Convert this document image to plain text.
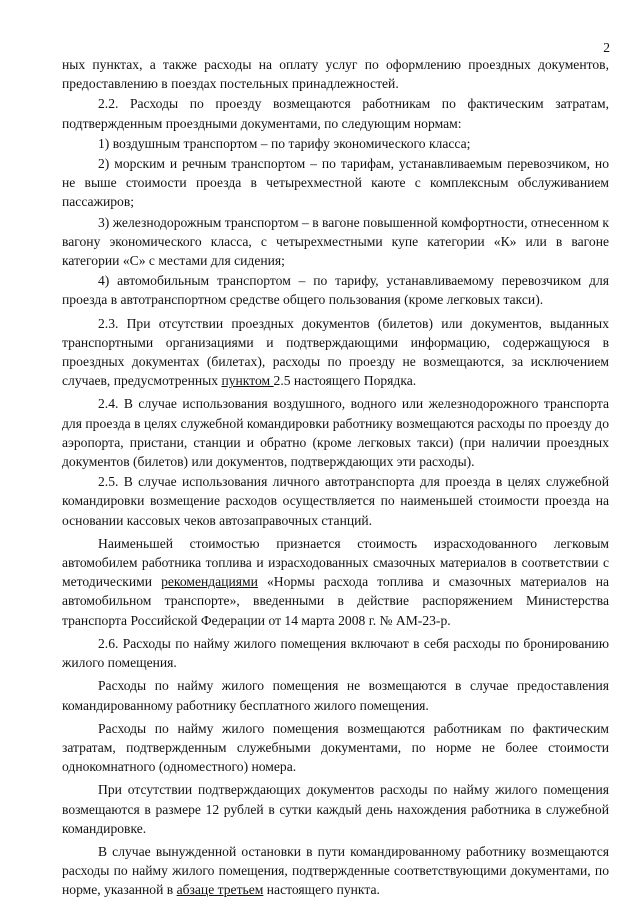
2

ных пунктах, а также расходы на оплату услуг по оформлению проездных документов, предоставлению в поездах постельных принадлежностей.

2.2. Расходы по проезду возмещаются работникам по фактическим затратам, подтвержденным проездными документами, по следующим нормам:

1) воздушным транспортом – по тарифу экономического класса;

2) морским и речным транспортом – по тарифам, устанавливаемым перевозчиком, но не выше стоимости проезда в четырехместной каюте с комплексным обслуживанием пассажиров;

3) железнодорожным транспортом – в вагоне повышенной комфортности, отнесенном к вагону экономического класса, с четырехместными купе категории «К» или в вагоне категории «С» с местами для сидения;

4) автомобильным транспортом – по тарифу, устанавливаемому перевозчиком для проезда в автотранспортном средстве общего пользования (кроме легковых такси).

2.3. При отсутствии проездных документов (билетов) или документов, выданных транспортными организациями и подтверждающими информацию, содержащуюся в проездных документах (билетах), расходы по проезду не возмещаются, за исключением случаев, предусмотренных пунктом 2.5 настоящего Порядка.

2.4. В случае использования воздушного, водного или железнодорожного транспорта для проезда в целях служебной командировки работнику возмещаются расходы по проезду до аэропорта, пристани, станции и обратно (кроме легковых такси) (при наличии проездных документов (билетов) или документов, подтверждающих эти расходы).

2.5. В случае использования личного автотранспорта для проезда в целях служебной командировки возмещение расходов осуществляется по наименьшей стоимости проезда на основании кассовых чеков автозаправочных станций.

Наименьшей стоимостью признается стоимость израсходованного легковым автомобилем работника топлива и израсходованных смазочных материалов в соответствии с методическими рекомендациями «Нормы расхода топлива и смазочных материалов на автомобильном транспорте», введенными в действие распоряжением Министерства транспорта Российской Федерации от 14 марта 2008 г. № АМ-23-р.

2.6. Расходы по найму жилого помещения включают в себя расходы по бронированию жилого помещения.

Расходы по найму жилого помещения не возмещаются в случае предоставления командированному работнику бесплатного жилого помещения.

Расходы по найму жилого помещения возмещаются работникам по фактическим затратам, подтвержденным служебными документами, по норме не более стоимости однокомнатного (одноместного) номера.

При отсутствии подтверждающих документов расходы по найму жилого помещения возмещаются в размере 12 рублей в сутки каждый день нахождения работника в служебной командировке.

В случае вынужденной остановки в пути командированному работнику возмещаются расходы по найму жилого помещения, подтвержденные соответствующими документами, по норме, указанной в абзаце третьем настоящего пункта.
